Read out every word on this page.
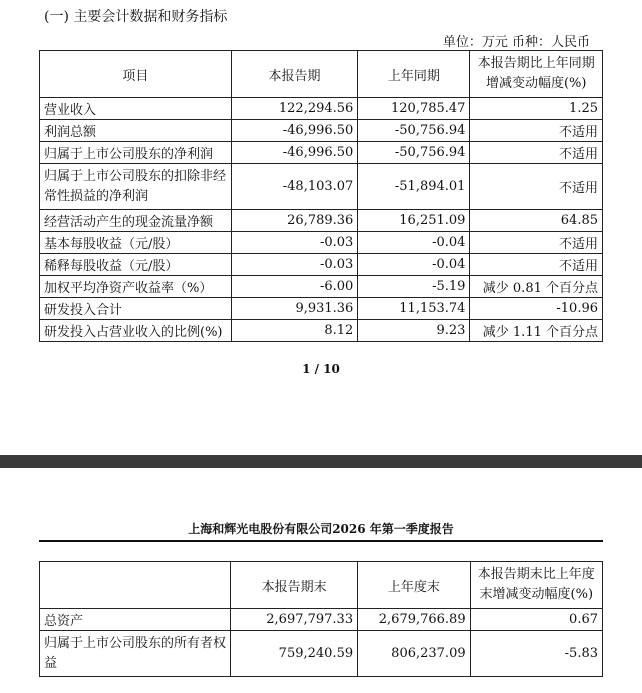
(一) 主要会计数据和财务指标
单位：万元 币种：人民币
项目	本报告期	上年同期	本报告期比上年同期增减变动幅度(%)
营业收入	122,294.56	120,785.47	1.25
利润总额	-46,996.50	-50,756.94	不适用
归属于上市公司股东的净利润	-46,996.50	-50,756.94	不适用
归属于上市公司股东的扣除非经常性损益的净利润	-48,103.07	-51,894.01	不适用
经营活动产生的现金流量净额	26,789.36	16,251.09	64.85
基本每股收益（元/股）	-0.03	-0.04	不适用
稀释每股收益（元/股）	-0.03	-0.04	不适用
加权平均净资产收益率（%）	-6.00	-5.19	减少 0.81 个百分点
研发投入合计	9,931.36	11,153.74	-10.96
研发投入占营业收入的比例(%)	8.12	9.23	减少 1.11 个百分点
1 / 10
上海和辉光电股份有限公司2026 年第一季度报告
	本报告期末	上年度末	本报告期末比上年度末增减变动幅度(%)
总资产	2,697,797.33	2,679,766.89	0.67
归属于上市公司股东的所有者权益	759,240.59	806,237.09	-5.83
